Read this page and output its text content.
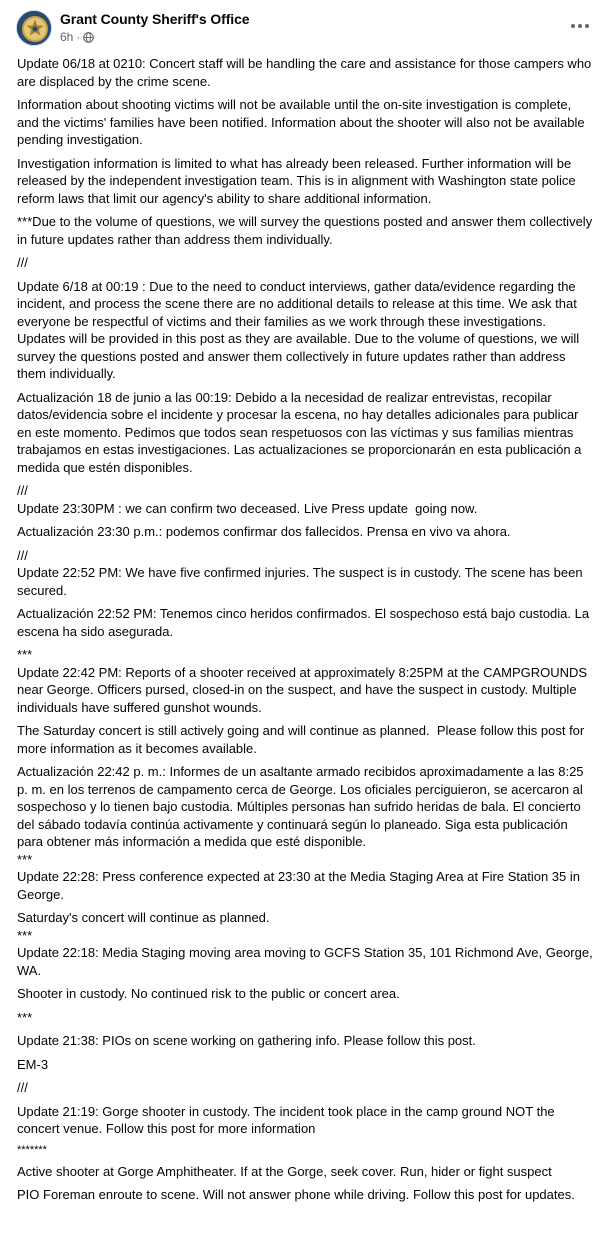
Grant County Sheriff's Office
6h ·

Update 06/18 at 0210: Concert staff will be handling the care and assistance for those campers who are displaced by the crime scene.

Information about shooting victims will not be available until the on-site investigation is complete, and the victims' families have been notified. Information about the shooter will also not be available pending investigation.

Investigation information is limited to what has already been released. Further information will be released by the independent investigation team. This is in alignment with Washington state police reform laws that limit our agency's ability to share additional information.

***Due to the volume of questions, we will survey the questions posted and answer them collectively in future updates rather than address them individually.

///

Update 6/18 at 00:19 : Due to the need to conduct interviews, gather data/evidence regarding the incident, and process the scene there are no additional details to release at this time. We ask that everyone be respectful of victims and their families as we work through these investigations. Updates will be provided in this post as they are available. Due to the volume of questions, we will survey the questions posted and answer them collectively in future updates rather than address them individually.

Actualización 18 de junio a las 00:19: Debido a la necesidad de realizar entrevistas, recopilar datos/evidencia sobre el incidente y procesar la escena, no hay detalles adicionales para publicar en este momento. Pedimos que todos sean respetuosos con las víctimas y sus familias mientras trabajamos en estas investigaciones. Las actualizaciones se proporcionarán en esta publicación a medida que estén disponibles.

///
Update 23:30PM : we can confirm two deceased. Live Press update  going now.

Actualización 23:30 p.m.: podemos confirmar dos fallecidos. Prensa en vivo va ahora.

///
Update 22:52 PM: We have five confirmed injuries. The suspect is in custody. The scene has been secured.

Actualización 22:52 PM: Tenemos cinco heridos confirmados. El sospechoso está bajo custodia. La escena ha sido asegurada.

***
Update 22:42 PM: Reports of a shooter received at approximately 8:25PM at the CAMPGROUNDS near George. Officers pursed, closed-in on the suspect, and have the suspect in custody. Multiple individuals have suffered gunshot wounds.

The Saturday concert is still actively going and will continue as planned.  Please follow this post for more information as it becomes available.

Actualización 22:42 p. m.: Informes de un asaltante armado recibidos aproximadamente a las 8:25 p. m. en los terrenos de campamento cerca de George. Los oficiales perciguieron, se acercaron al sospechoso y lo tienen bajo custodia. Múltiples personas han sufrido heridas de bala. El concierto del sábado todavía continúa activamente y continuará según lo planeado. Siga esta publicación para obtener más información a medida que esté disponible.
***
Update 22:28: Press conference expected at 23:30 at the Media Staging Area at Fire Station 35 in George.

Saturday's concert will continue as planned.
***
Update 22:18: Media Staging moving area moving to GCFS Station 35, 101 Richmond Ave, George, WA.

Shooter in custody. No continued risk to the public or concert area.

***

Update 21:38: PIOs on scene working on gathering info. Please follow this post.

EM-3

///

Update 21:19: Gorge shooter in custody. The incident took place in the camp ground NOT the concert venue. Follow this post for more information

*******

Active shooter at Gorge Amphitheater. If at the Gorge, seek cover. Run, hider or fight suspect

PIO Foreman enroute to scene. Will not answer phone while driving. Follow this post for updates.
